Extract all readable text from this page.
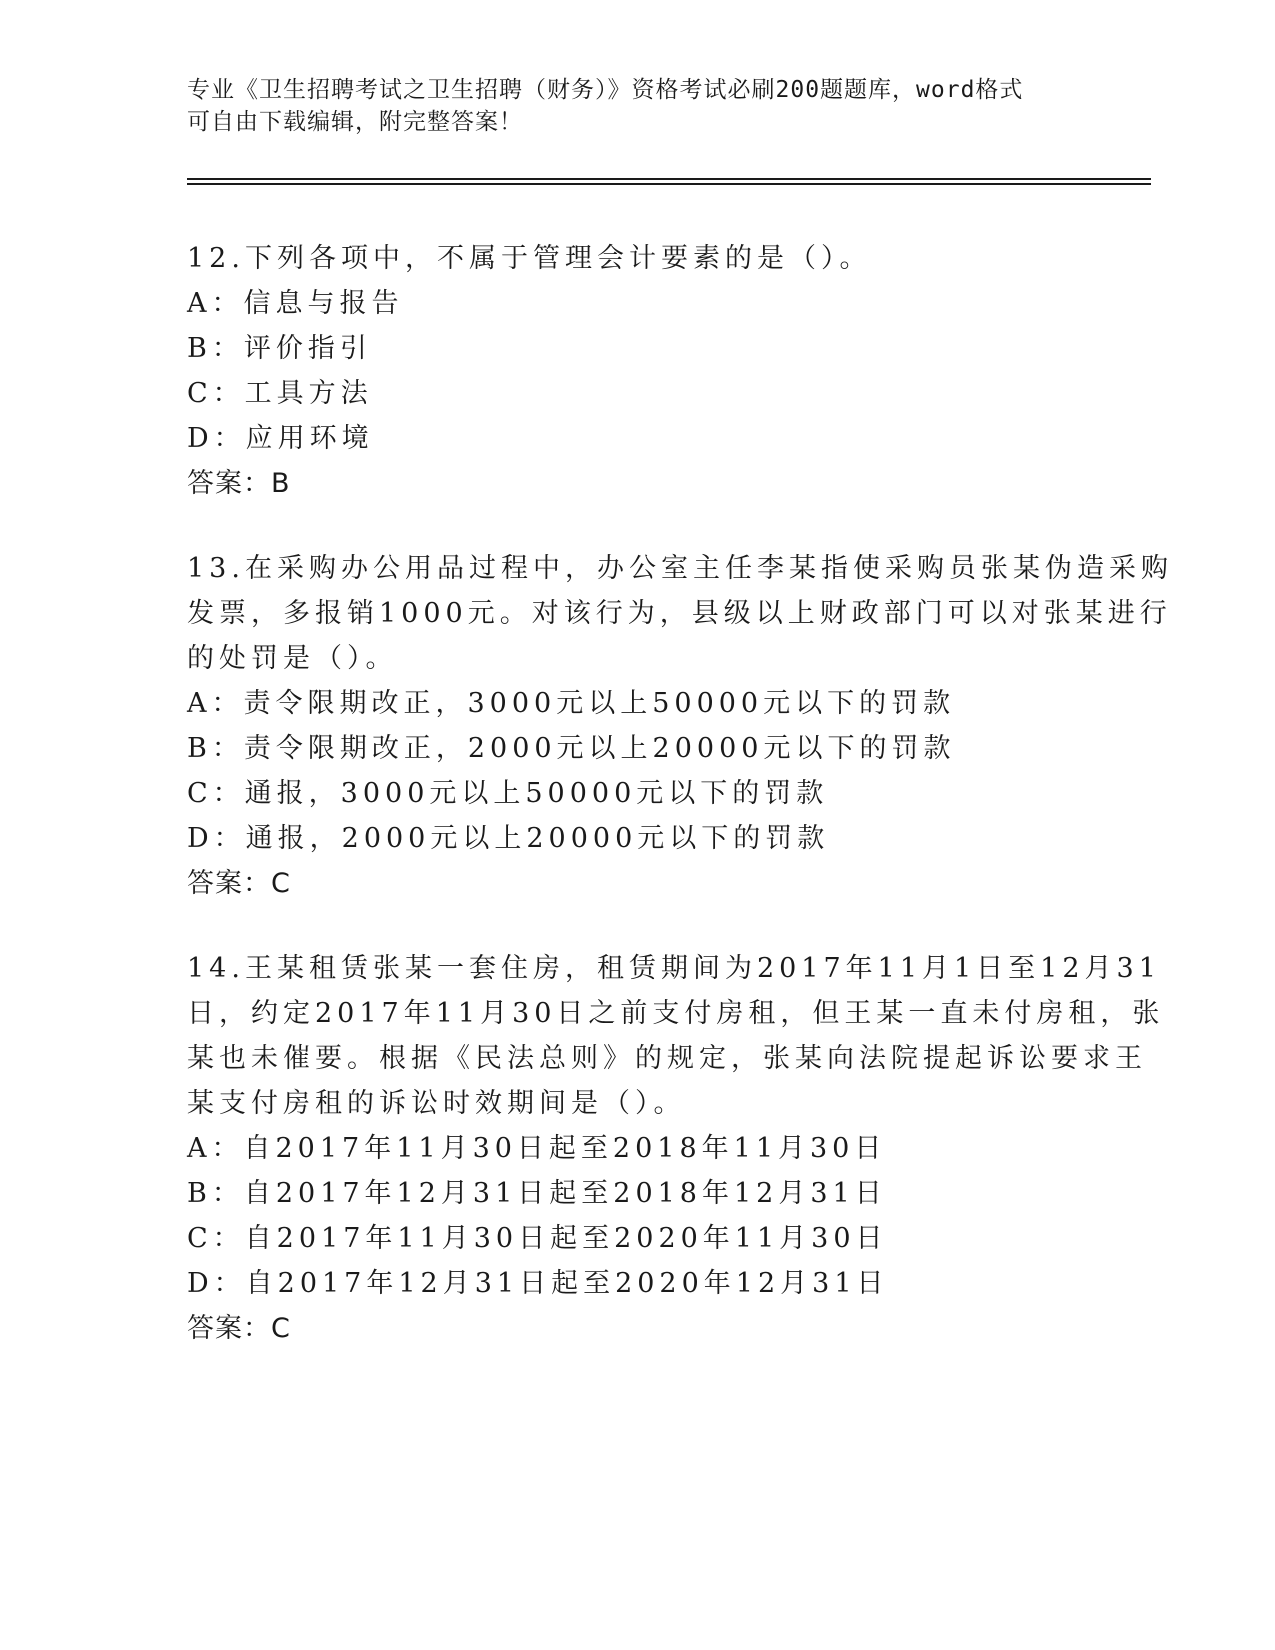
专业《卫生招聘考试之卫生招聘（财务）》资格考试必刷200题题库，word格式
可自由下载编辑，附完整答案！
12.下列各项中，不属于管理会计要素的是（）。
A：信息与报告
B：评价指引
C：工具方法
D：应用环境
答案：B
13.在采购办公用品过程中，办公室主任李某指使采购员张某伪造采购
发票，多报销1000元。对该行为，县级以上财政部门可以对张某进行
的处罚是（）。
A：责令限期改正，3000元以上50000元以下的罚款
B：责令限期改正，2000元以上20000元以下的罚款
C：通报，3000元以上50000元以下的罚款
D：通报，2000元以上20000元以下的罚款
答案：C
14.王某租赁张某一套住房，租赁期间为2017年11月1日至12月31
日，约定2017年11月30日之前支付房租，但王某一直未付房租，张
某也未催要。根据《民法总则》的规定，张某向法院提起诉讼要求王
某支付房租的诉讼时效期间是（）。
A：自2017年11月30日起至2018年11月30日
B：自2017年12月31日起至2018年12月31日
C：自2017年11月30日起至2020年11月30日
D：自2017年12月31日起至2020年12月31日
答案：C
